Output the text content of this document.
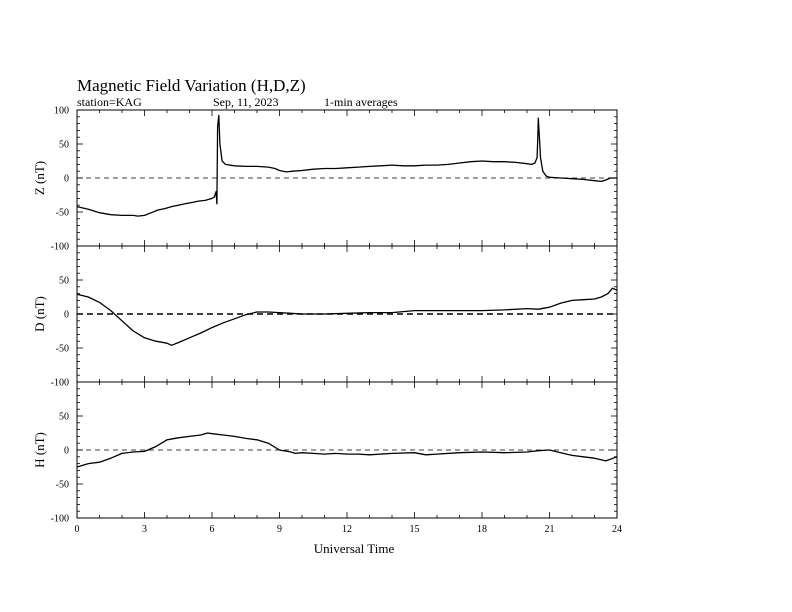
Magnetic Field Variation (H,D,Z)
station=KAG	Sep, 11, 2023	1-min averages
100
50
0
-50
-100
Z (nT)
50
0
-50
-100
D (nT)
50
0
-50
-100
H (nT)
0	3	6	9	12	15	18	21	24
Universal Time
